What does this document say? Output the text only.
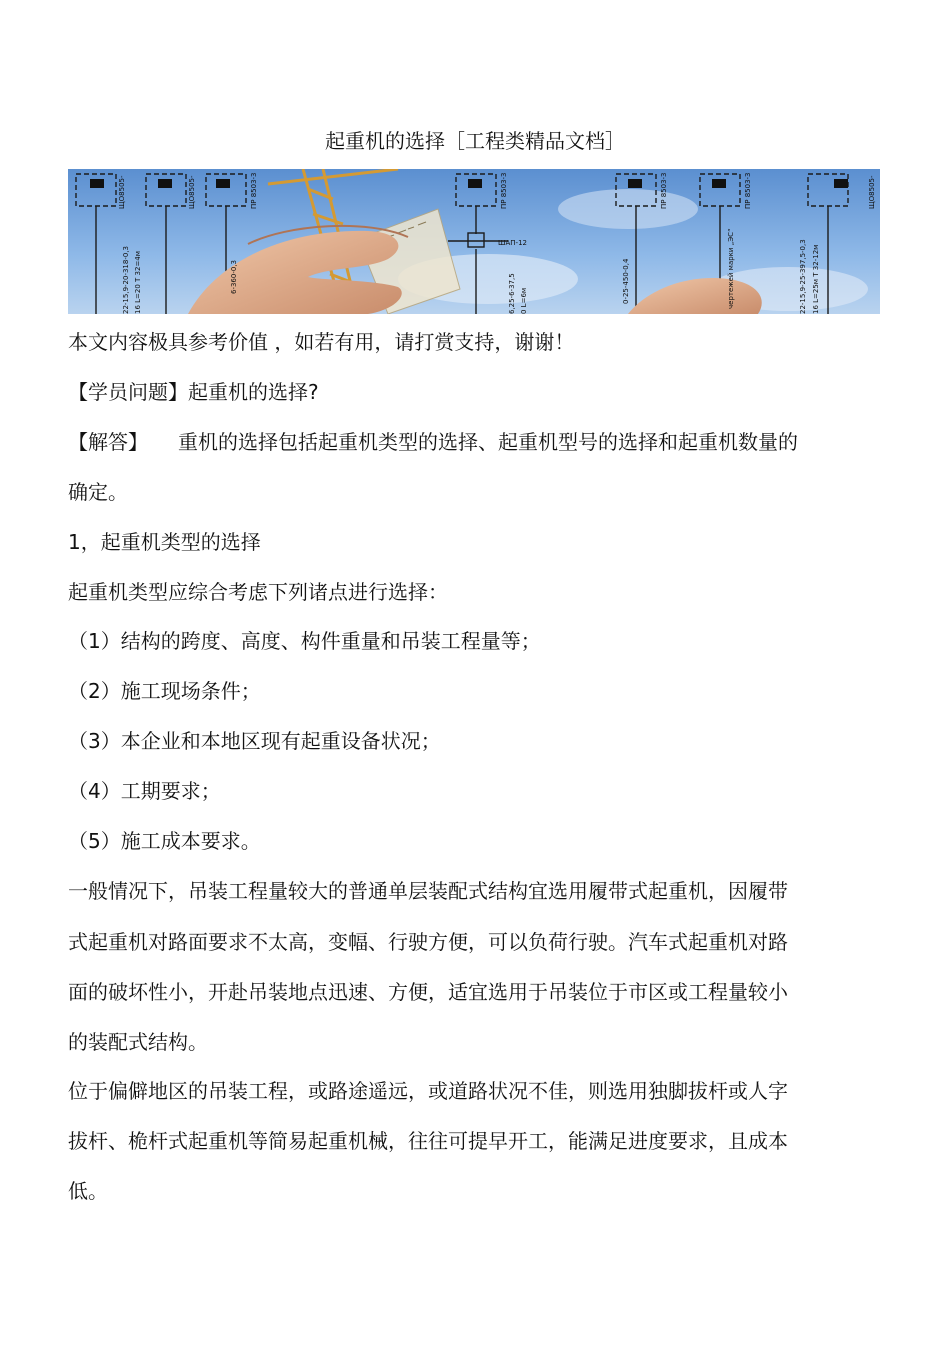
起重机的选择［工程类精品文档］
ЩО8505-	ЩО8505-	ПР 8503-3	ПР 8503-3
ШАП-12
ПР 8503-3	ПР 8503-3	ЩО8505-
22-15,9-20-318-0,3 16 L=20 T 32=4м	6-360-0,3	6,25-6-37,5 0 L=6м	0-25-450-0,4	чертежей марки „ЭС“	22-15,9-25-397,5-0,3 16 L=25м T 32-12м
本文内容极具参考价值 ，如若有用，请打赏支持，谢谢！
【学员问题】起重机的选择?
【解答】 重机的选择包括起重机类型的选择、起重机型号的选择和起重机数量的
确定。
1，起重机类型的选择
起重机类型应综合考虑下列诸点进行选择：
（1）结构的跨度、高度、构件重量和吊装工程量等；
（2）施工现场条件；
（3）本企业和本地区现有起重设备状况；
（4）工期要求；
（5）施工成本要求。
一般情况下，吊装工程量较大的普通单层装配式结构宜选用履带式起重机，因履带
式起重机对路面要求不太高，变幅、行驶方便，可以负荷行驶。汽车式起重机对路
面的破坏性小，开赴吊装地点迅速、方便，适宜选用于吊装位于市区或工程量较小
的装配式结构。
位于偏僻地区的吊装工程，或路途遥远，或道路状况不佳，则选用独脚拔杆或人字
拔杆、桅杆式起重机等简易起重机械，往往可提早开工，能满足进度要求，且成本
低。
